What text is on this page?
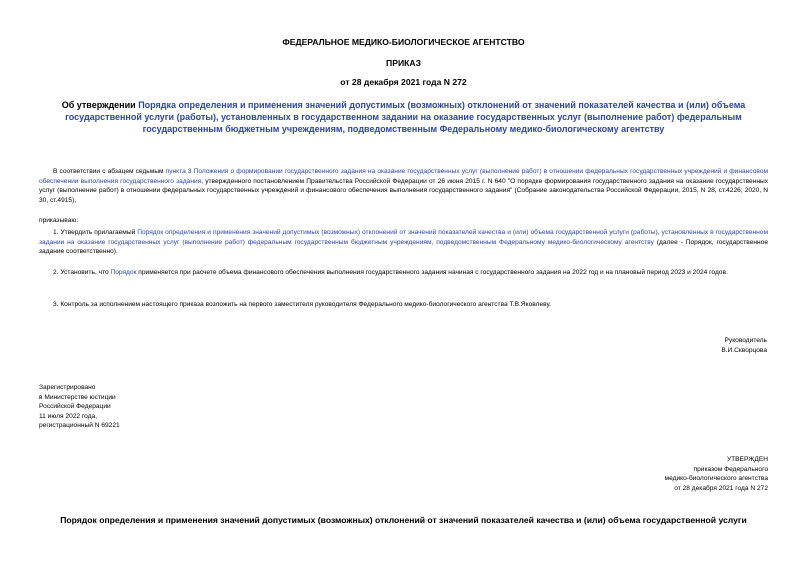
ФЕДЕРАЛЬНОЕ МЕДИКО-БИОЛОГИЧЕСКОЕ АГЕНТСТВО
ПРИКАЗ
от 28 декабря 2021 года N 272
Об утверждении Порядка определения и применения значений допустимых (возможных) отклонений от значений показателей качества и (или) объема государственной услуги (работы), установленных в государственном задании на оказание государственных услуг (выполнение работ) федеральным государственным бюджетным учреждениям, подведомственным Федеральному медико-биологическому агентству
В соответствии с абзацем седьмым пункта 3 Положения о формировании государственного задания на оказание государственных услуг (выполнение работ) в отношении федеральных государственных учреждений и финансовом обеспечении выполнения государственного задания, утвержденного постановлением Правительства Российской Федерации от 26 июня 2015 г. N 640 "О порядке формирования государственного задания на оказание государственных услуг (выполнение работ) в отношении федеральных государственных учреждений и финансового обеспечения выполнения государственного задания" (Собрание законодательства Российской Федерации, 2015, N 28, ст.4226; 2020, N 30, ст.4915),
приказываю:
1. Утвердить прилагаемый Порядок определения и применения значений допустимых (возможных) отклонений от значений показателей качества и (или) объема государственной услуги (работы), установленных в государственном задании на оказание государственных услуг (выполнение работ) федеральным государственным бюджетным учреждениям, подведомственным Федеральному медико-биологическому агентству (далее - Порядок, государственное задание соответственно).
2. Установить, что Порядок применяется при расчете объема финансового обеспечения выполнения государственного задания начиная с государственного задания на 2022 год и на плановый период 2023 и 2024 годов.
3. Контроль за исполнением настоящего приказа возложить на первого заместителя руководителя Федерального медико-биологического агентства Т.В.Яковлеву.
Руководитель
В.И.Скворцова
Зарегистрировано
в Министерстве юстиции
Российской Федерации
11 июля 2022 года,
регистрационный N 69221
УТВЕРЖДЕН
приказом Федерального
медико-биологического агентства
от 28 декабря 2021 года N 272
Порядок определения и применения значений допустимых (возможных) отклонений от значений показателей качества и (или) объема государственной услуги
